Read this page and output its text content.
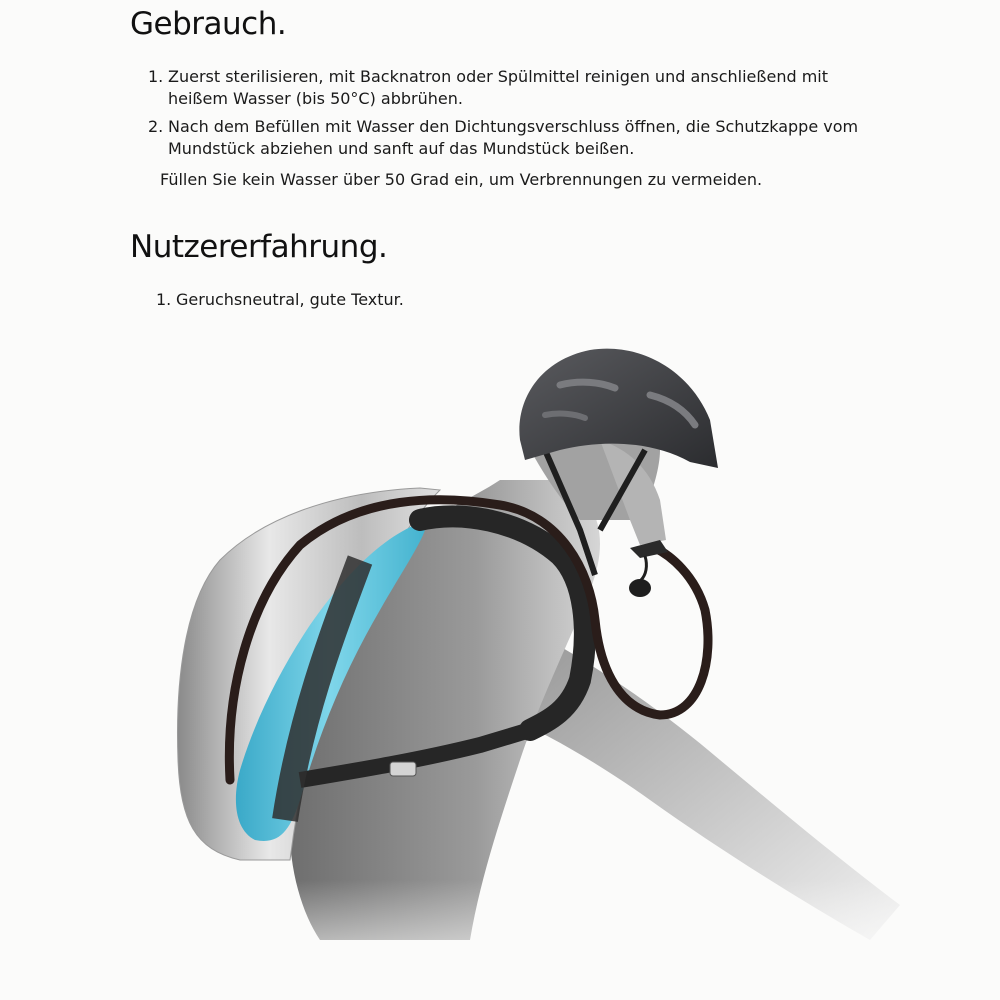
Gebrauch.
1. Zuerst sterilisieren, mit Backnatron oder Spülmittel reinigen und anschließend mit heißem Wasser (bis 50°C) abbrühen.
2. Nach dem Befüllen mit Wasser den Dichtungsverschluss öffnen, die Schutzkappe vom Mundstück abziehen und sanft auf das Mundstück beißen.

Füllen Sie kein Wasser über 50 Grad ein, um Verbrennungen zu vermeiden.

Nutzererfahrung.
1. Geruchsneutral, gute Textur.
